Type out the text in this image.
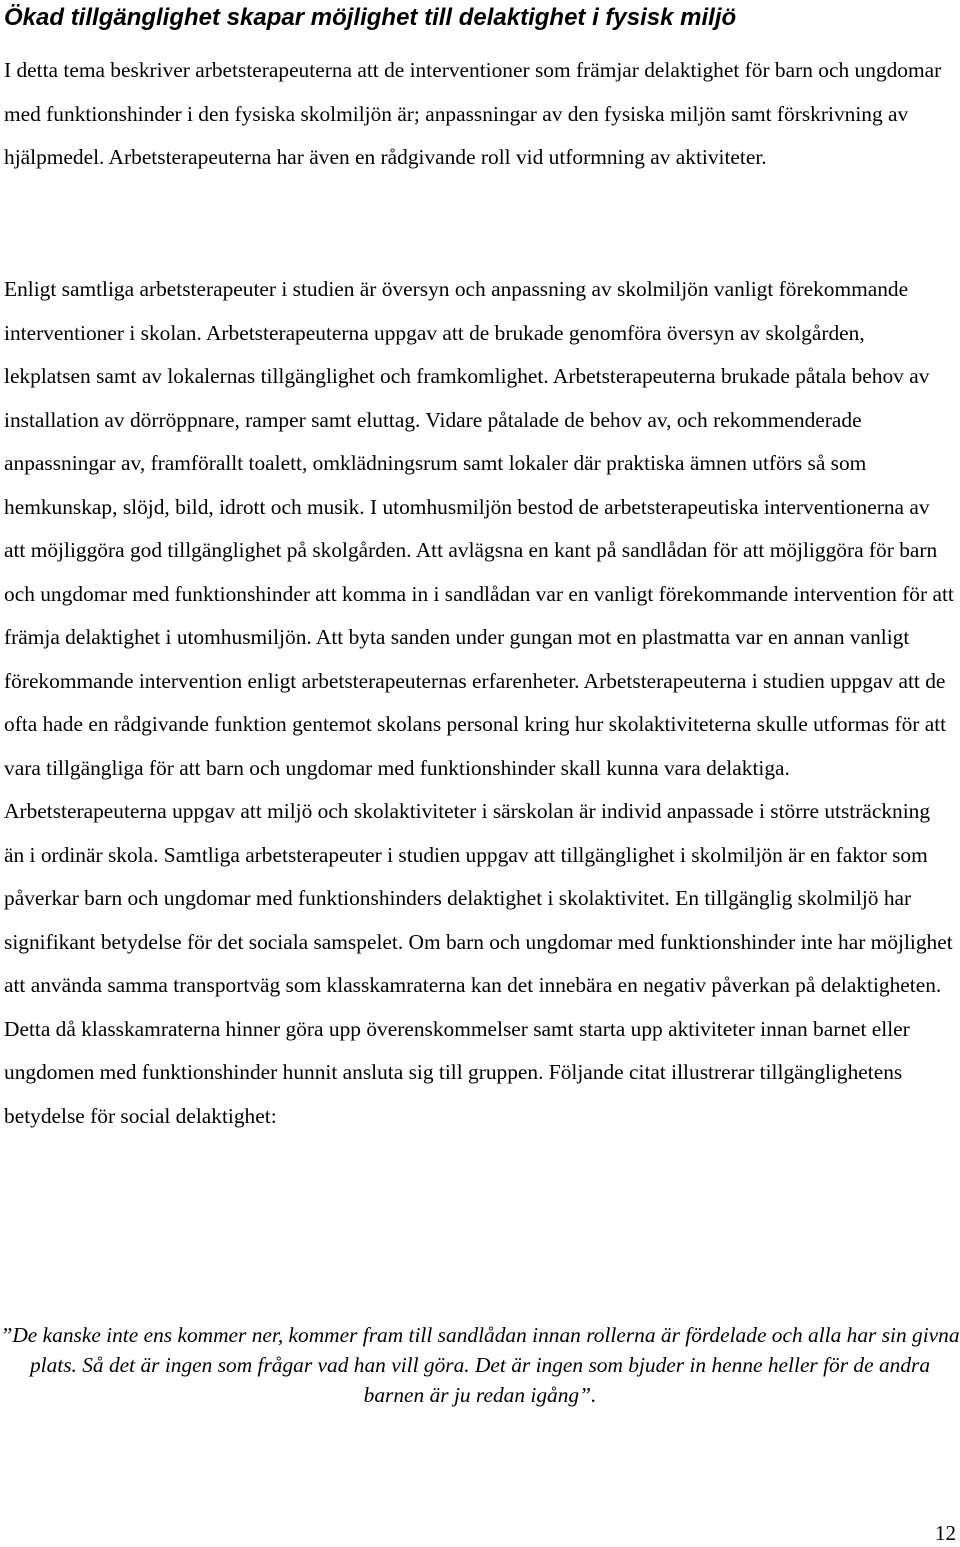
Ökad tillgänglighet skapar möjlighet till delaktighet i fysisk miljö

I detta tema beskriver arbetsterapeuterna att de interventioner som främjar delaktighet för barn och ungdomar med funktionshinder i den fysiska skolmiljön är; anpassningar av den fysiska miljön samt förskrivning av hjälpmedel. Arbetsterapeuterna har även en rådgivande roll vid utformning av aktiviteter.

Enligt samtliga arbetsterapeuter i studien är översyn och anpassning av skolmiljön vanligt förekommande interventioner i skolan. Arbetsterapeuterna uppgav att de brukade genomföra översyn av skolgården, lekplatsen samt av lokalernas tillgänglighet och framkomlighet. Arbetsterapeuterna brukade påtala behov av installation av dörröppnare, ramper samt eluttag. Vidare påtalade de behov av, och rekommenderade anpassningar av, framförallt toalett, omklädningsrum samt lokaler där praktiska ämnen utförs så som hemkunskap, slöjd, bild, idrott och musik. I utomhusmiljön bestod de arbetsterapeutiska interventionerna av att möjliggöra god tillgänglighet på skolgården. Att avlägsna en kant på sandlådan för att möjliggöra för barn och ungdomar med funktionshinder att komma in i sandlådan var en vanligt förekommande intervention för att främja delaktighet i utomhusmiljön. Att byta sanden under gungan mot en plastmatta var en annan vanligt förekommande intervention enligt arbetsterapeuternas erfarenheter. Arbetsterapeuterna i studien uppgav att de ofta hade en rådgivande funktion gentemot skolans personal kring hur skolaktiviteterna skulle utformas för att vara tillgängliga för att barn och ungdomar med funktionshinder skall kunna vara delaktiga. Arbetsterapeuterna uppgav att miljö och skolaktiviteter i särskolan är individ anpassade i större utsträckning än i ordinär skola. Samtliga arbetsterapeuter i studien uppgav att tillgänglighet i skolmiljön är en faktor som påverkar barn och ungdomar med funktionshinders delaktighet i skolaktivitet. En tillgänglig skolmiljö har signifikant betydelse för det sociala samspelet. Om barn och ungdomar med funktionshinder inte har möjlighet att använda samma transportväg som klasskamraterna kan det innebära en negativ påverkan på delaktigheten. Detta då klasskamraterna hinner göra upp överenskommelser samt starta upp aktiviteter innan barnet eller ungdomen med funktionshinder hunnit ansluta sig till gruppen. Följande citat illustrerar tillgänglighetens betydelse för social delaktighet:

”De kanske inte ens kommer ner, kommer fram till sandlådan innan rollerna är fördelade och alla har sin givna plats. Så det är ingen som frågar vad han vill göra. Det är ingen som bjuder in henne heller för de andra barnen är ju redan igång”.

12
